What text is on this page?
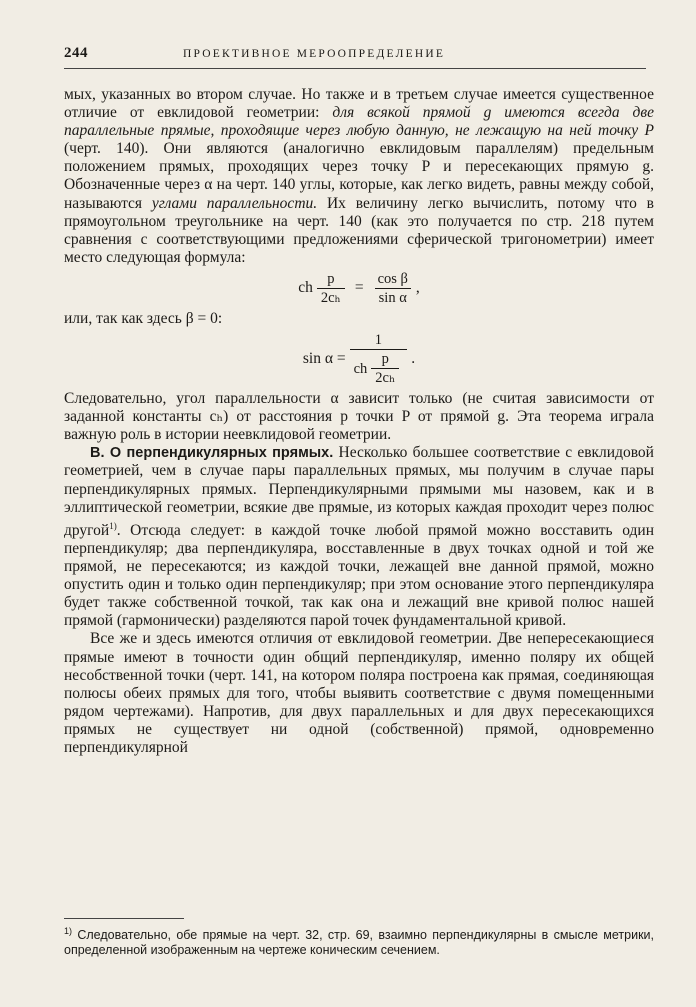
244	ПРОЕКТИВНОЕ МЕРООПРЕДЕЛЕНИЕ

мых, указанных во втором случае. Но также и в третьем случае имеется существенное отличие от евклидовой геометрии: для всякой прямой g имеются всегда две параллельные прямые, проходящие через любую данную, не лежащую на ней точку P (черт. 140). Они являются (аналогично евклидовым параллелям) предельным положением прямых, проходящих через точку P и пересекающих прямую g. Обозначенные через α на черт. 140 углы, которые, как легко видеть, равны между собой, называются углами параллельности. Их величину легко вычислить, потому что в прямоугольном треугольнике на черт. 140 (как это получается по стр. 218 путем сравнения с соответствующими предложениями сферической тригонометрии) имеет место следующая формула:

ch $\frac{p}{\text{2cₕ}} = \frac{\text{cos β}}{\text{sin α}}$ ,

или, так как здесь β = 0:

$\sin \alpha = \frac{1}{ch \frac{p}{\text{2cₕ}}}$ .

Следовательно, угол параллельности α зависит только (не считая зависимости от заданной константы cₕ) от расстояния p точки P от прямой g. Эта теорема играла важную роль в истории неевклидовой геометрии.

B. О перпендикулярных прямых. Несколько большее соответствие с евклидовой геометрией, чем в случае пары параллельных прямых, мы получим в случае пары перпендикулярных прямых. Перпендикулярными прямыми мы назовем, как и в эллиптической геометрии, всякие две прямые, из которых каждая проходит через полюс другой$^{1)}$. Отсюда следует: в каждой точке любой прямой можно восставить один перпендикуляр; два перпендикуляра, восставленные в двух точках одной и той же прямой, не пересекаются; из каждой точки, лежащей вне данной прямой, можно опустить один и только один перпендикуляр; при этом основание этого перпендикуляра будет также собственной точкой, так как она и лежащий вне кривой полюс нашей прямой (гармонически) разделяются парой точек фундаментальной кривой.

Все же и здесь имеются отличия от евклидовой геометрии. Две непересекающиеся прямые имеют в точности один общий перпендикуляр, именно поляру их общей несобственной точки (черт. 141, на котором поляра построена как прямая, соединяющая полюсы обеих прямых для того, чтобы выявить соответствие с двумя помещенными рядом чертежами). Напротив, для двух параллельных и для двух пересекающихся прямых не существует ни одной (собственной) прямой, одновременно перпендикулярной

$^{1)}$ Следовательно, обе прямые на черт. 32, стр. 69, взаимно перпендикулярны в смысле метрики, определенной изображенным на чертеже коническим сечением.
